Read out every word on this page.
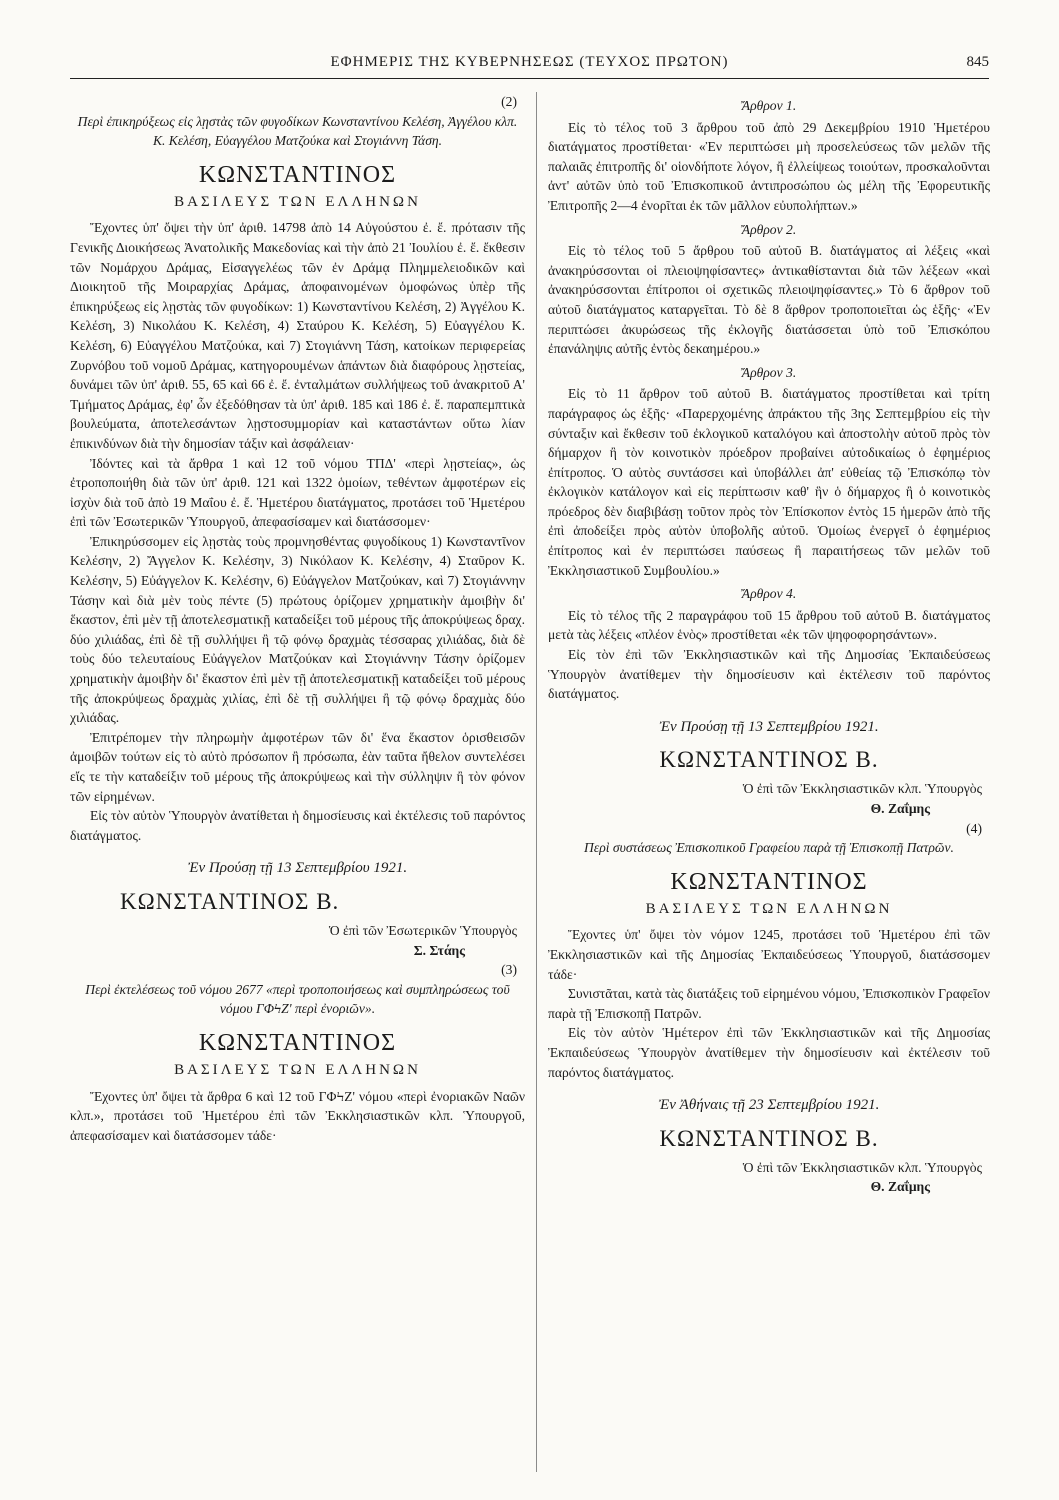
ΕΦΗΜΕΡΙΣ ΤΗΣ ΚΥΒΕΡΝΗΣΕΩΣ (ΤΕΥΧΟΣ ΠΡΩΤΟΝ)	845

(2)

Περὶ ἐπικηρύξεως εἰς λῃστὰς τῶν φυγοδίκων Κωνσταντίνου Κελέση, Ἀγγέλου κλπ. Κ. Κελέση, Εὐαγγέλου Ματζούκα καὶ Στογιάννη Τάση.

ΚΩΝΣΤΑΝΤΙΝΟΣ

ΒΑΣΙΛΕΥΣ ΤΩΝ ΕΛΛΗΝΩΝ

Ἔχοντες ὑπ' ὄψει τὴν ὑπ' ἀριθ. 14798 ἀπὸ 14 Αὐγούστου ἐ. ἔ. πρότασιν τῆς Γενικῆς Διοικήσεως Ἀνατολικῆς Μακεδονίας καὶ τὴν ἀπὸ 21 Ἰουλίου ἐ. ἔ. ἔκθεσιν τῶν Νομάρχου Δράμας, Εἰσαγγελέως τῶν ἐν Δράμᾳ Πλημμελειοδικῶν καὶ Διοικητοῦ τῆς Μοιραρχίας Δράμας, ἀποφαινομένων ὁμοφώνως ὑπὲρ τῆς ἐπικηρύξεως εἰς λῃστὰς τῶν φυγοδίκων: 1) Κωνσταντίνου Κελέση, 2) Ἀγγέλου Κ. Κελέση, 3) Νικολάου Κ. Κελέση, 4) Σταύρου Κ. Κελέση, 5) Εὐαγγέλου Κ. Κελέση, 6) Εὐαγγέλου Ματζούκα, καὶ 7) Στογιάννη Τάση, κατοίκων περιφερείας Ζυρνόβου τοῦ νομοῦ Δράμας, κατηγορουμένων ἁπάντων διὰ διαφόρους λῃστείας, δυνάμει τῶν ὑπ' ἀριθ. 55, 65 καὶ 66 ἐ. ἔ. ἐνταλμάτων συλλήψεως τοῦ ἀνακριτοῦ Α' Τμήματος Δράμας, ἐφ' ὧν ἐξεδόθησαν τὰ ὑπ' ἀριθ. 185 καὶ 186 ἐ. ἔ. παραπεμπτικὰ βουλεύματα, ἀποτελεσάντων λῃστοσυμμορίαν καὶ καταστάντων οὕτω λίαν ἐπικινδύνων διὰ τὴν δημοσίαν τάξιν καὶ ἀσφάλειαν·

Ἰδόντες καὶ τὰ ἄρθρα 1 καὶ 12 τοῦ νόμου ΤΠΔ' «περὶ λῃστείας», ὡς ἐτροποποιήθη διὰ τῶν ὑπ' ἀριθ. 121 καὶ 1322 ὁμοίων, τεθέντων ἀμφοτέρων εἰς ἰσχὺν διὰ τοῦ ἀπὸ 19 Μαΐου ἐ. ἔ. Ἡμετέρου διατάγματος, προτάσει τοῦ Ἡμετέρου ἐπὶ τῶν Ἐσωτερικῶν Ὑπουργοῦ, ἀπεφασίσαμεν καὶ διατάσσομεν·

Ἐπικηρύσσομεν εἰς λῃστὰς τοὺς προμνησθέντας φυγοδίκους 1) Κωνσταντῖνον Κελέσην, 2) Ἄγγελον Κ. Κελέσην, 3) Νικόλαον Κ. Κελέσην, 4) Σταῦρον Κ. Κελέσην, 5) Εὐάγγελον Κ. Κελέσην, 6) Εὐάγγελον Ματζούκαν, καὶ 7) Στογιάννην Τάσην καὶ διὰ μὲν τοὺς πέντε (5) πρώτους ὁρίζομεν χρηματικὴν ἀμοιβὴν δι' ἕκαστον, ἐπὶ μὲν τῇ ἀποτελεσματικῇ καταδείξει τοῦ μέρους τῆς ἀποκρύψεως δραχ. δύο χιλιάδας, ἐπὶ δὲ τῇ συλλήψει ἢ τῷ φόνῳ δραχμὰς τέσσαρας χιλιάδας, διὰ δὲ τοὺς δύο τελευταίους Εὐάγγελον Ματζούκαν καὶ Στογιάννην Τάσην ὁρίζομεν χρηματικὴν ἀμοιβὴν δι' ἕκαστον ἐπὶ μὲν τῇ ἀποτελεσματικῇ καταδείξει τοῦ μέρους τῆς ἀποκρύψεως δραχμὰς χιλίας, ἐπὶ δὲ τῇ συλλήψει ἢ τῷ φόνῳ δραχμὰς δύο χιλιάδας.

Ἐπιτρέπομεν τὴν πληρωμὴν ἀμφοτέρων τῶν δι' ἕνα ἕκαστον ὁρισθεισῶν ἀμοιβῶν τούτων εἰς τὸ αὐτὸ πρόσωπον ἢ πρόσωπα, ἐὰν ταῦτα ἤθελον συντελέσει εἴς τε τὴν καταδείξιν τοῦ μέρους τῆς ἀποκρύψεως καὶ τὴν σύλληψιν ἢ τὸν φόνον τῶν εἰρημένων.

Εἰς τὸν αὐτὸν Ὑπουργὸν ἀνατίθεται ἡ δημοσίευσις καὶ ἐκτέλεσις τοῦ παρόντος διατάγματος.

Ἐν Προύσῃ τῇ 13 Σεπτεμβρίου 1921.

ΚΩΝΣΤΑΝΤΙΝΟΣ Β.

Ὁ ἐπὶ τῶν Ἐσωτερικῶν Ὑπουργὸς

Σ. Στάης

(3)

Περὶ ἐκτελέσεως τοῦ νόμου 2677 «περὶ τροποποιήσεως καὶ συμπληρώσεως τοῦ νόμου ΓΦϞΖ' περὶ ἐνοριῶν».

ΚΩΝΣΤΑΝΤΙΝΟΣ

ΒΑΣΙΛΕΥΣ ΤΩΝ ΕΛΛΗΝΩΝ

Ἔχοντες ὑπ' ὄψει τὰ ἄρθρα 6 καὶ 12 τοῦ ΓΦϞΖ' νόμου «περὶ ἐνοριακῶν Ναῶν κλπ.», προτάσει τοῦ Ἡμετέρου ἐπὶ τῶν Ἐκκλησιαστικῶν κλπ. Ὑπουργοῦ, ἀπεφασίσαμεν καὶ διατάσσομεν τάδε·

Ἄρθρον 1.

Εἰς τὸ τέλος τοῦ 3 ἄρθρου τοῦ ἀπὸ 29 Δεκεμβρίου 1910 Ἡμετέρου διατάγματος προστίθεται· «Ἐν περιπτώσει μὴ προσελεύσεως τῶν μελῶν τῆς παλαιᾶς ἐπιτροπῆς δι' οἱονδήποτε λόγον, ἢ ἐλλείψεως τοιούτων, προσκαλοῦνται ἀντ' αὐτῶν ὑπὸ τοῦ Ἐπισκοπικοῦ ἀντιπροσώπου ὡς μέλη τῆς Ἐφορευτικῆς Ἐπιτροπῆς 2—4 ἐνορῖται ἐκ τῶν μᾶλλον εὐυπολήπτων.»

Ἄρθρον 2.

Εἰς τὸ τέλος τοῦ 5 ἄρθρου τοῦ αὐτοῦ Β. διατάγματος αἱ λέξεις «καὶ ἀνακηρύσσονται οἱ πλειοψηφίσαντες» ἀντικαθίστανται διὰ τῶν λέξεων «καὶ ἀνακηρύσσονται ἐπίτροποι οἱ σχετικῶς πλειοψηφίσαντες.» Τὸ 6 ἄρθρον τοῦ αὐτοῦ διατάγματος καταργεῖται. Τὸ δὲ 8 ἄρθρον τροποποιεῖται ὡς ἑξῆς· «Ἐν περιπτώσει ἀκυρώσεως τῆς ἐκλογῆς διατάσσεται ὑπὸ τοῦ Ἐπισκόπου ἐπανάληψις αὐτῆς ἐντὸς δεκαημέρου.»

Ἄρθρον 3.

Εἰς τὸ 11 ἄρθρον τοῦ αὐτοῦ Β. διατάγματος προστίθεται καὶ τρίτη παράγραφος ὡς ἑξῆς· «Παρερχομένης ἀπράκτου τῆς 3ης Σεπτεμβρίου εἰς τὴν σύνταξιν καὶ ἔκθεσιν τοῦ ἐκλογικοῦ καταλόγου καὶ ἀποστολὴν αὐτοῦ πρὸς τὸν δήμαρχον ἢ τὸν κοινοτικὸν πρόεδρον προβαίνει αὐτοδικαίως ὁ ἐφημέριος ἐπίτροπος. Ὁ αὐτὸς συντάσσει καὶ ὑποβάλλει ἀπ' εὐθείας τῷ Ἐπισκόπῳ τὸν ἐκλογικὸν κατάλογον καὶ εἰς περίπτωσιν καθ' ἣν ὁ δήμαρχος ἢ ὁ κοινοτικὸς πρόεδρος δὲν διαβιβάσῃ τοῦτον πρὸς τὸν Ἐπίσκοπον ἐντὸς 15 ἡμερῶν ἀπὸ τῆς ἐπὶ ἀποδείξει πρὸς αὐτὸν ὑποβολῆς αὐτοῦ. Ὁμοίως ἐνεργεῖ ὁ ἐφημέριος ἐπίτροπος καὶ ἐν περιπτώσει παύσεως ἢ παραιτήσεως τῶν μελῶν τοῦ Ἐκκλησιαστικοῦ Συμβουλίου.»

Ἄρθρον 4.

Εἰς τὸ τέλος τῆς 2 παραγράφου τοῦ 15 ἄρθρου τοῦ αὐτοῦ Β. διατάγματος μετὰ τὰς λέξεις «πλέον ἑνὸς» προστίθεται «ἐκ τῶν ψηφοφορησάντων».

Εἰς τὸν ἐπὶ τῶν Ἐκκλησιαστικῶν καὶ τῆς Δημοσίας Ἐκπαιδεύσεως Ὑπουργὸν ἀνατίθεμεν τὴν δημοσίευσιν καὶ ἐκτέλεσιν τοῦ παρόντος διατάγματος.

Ἐν Προύσῃ τῇ 13 Σεπτεμβρίου 1921.

ΚΩΝΣΤΑΝΤΙΝΟΣ Β.

Ὁ ἐπὶ τῶν Ἐκκλησιαστικῶν κλπ. Ὑπουργὸς

Θ. Ζαΐμης

(4)

Περὶ συστάσεως Ἐπισκοπικοῦ Γραφείου παρὰ τῇ Ἐπισκοπῇ Πατρῶν.

ΚΩΝΣΤΑΝΤΙΝΟΣ

ΒΑΣΙΛΕΥΣ ΤΩΝ ΕΛΛΗΝΩΝ

Ἔχοντες ὑπ' ὄψει τὸν νόμον 1245, προτάσει τοῦ Ἡμετέρου ἐπὶ τῶν Ἐκκλησιαστικῶν καὶ τῆς Δημοσίας Ἐκπαιδεύσεως Ὑπουργοῦ, διατάσσομεν τάδε·

Συνιστᾶται, κατὰ τὰς διατάξεις τοῦ εἰρημένου νόμου, Ἐπισκοπικὸν Γραφεῖον παρὰ τῇ Ἐπισκοπῇ Πατρῶν.

Εἰς τὸν αὐτὸν Ἡμέτερον ἐπὶ τῶν Ἐκκλησιαστικῶν καὶ τῆς Δημοσίας Ἐκπαιδεύσεως Ὑπουργὸν ἀνατίθεμεν τὴν δημοσίευσιν καὶ ἐκτέλεσιν τοῦ παρόντος διατάγματος.

Ἐν Ἀθήναις τῇ 23 Σεπτεμβρίου 1921.

ΚΩΝΣΤΑΝΤΙΝΟΣ Β.

Ὁ ἐπὶ τῶν Ἐκκλησιαστικῶν κλπ. Ὑπουργὸς

Θ. Ζαΐμης
